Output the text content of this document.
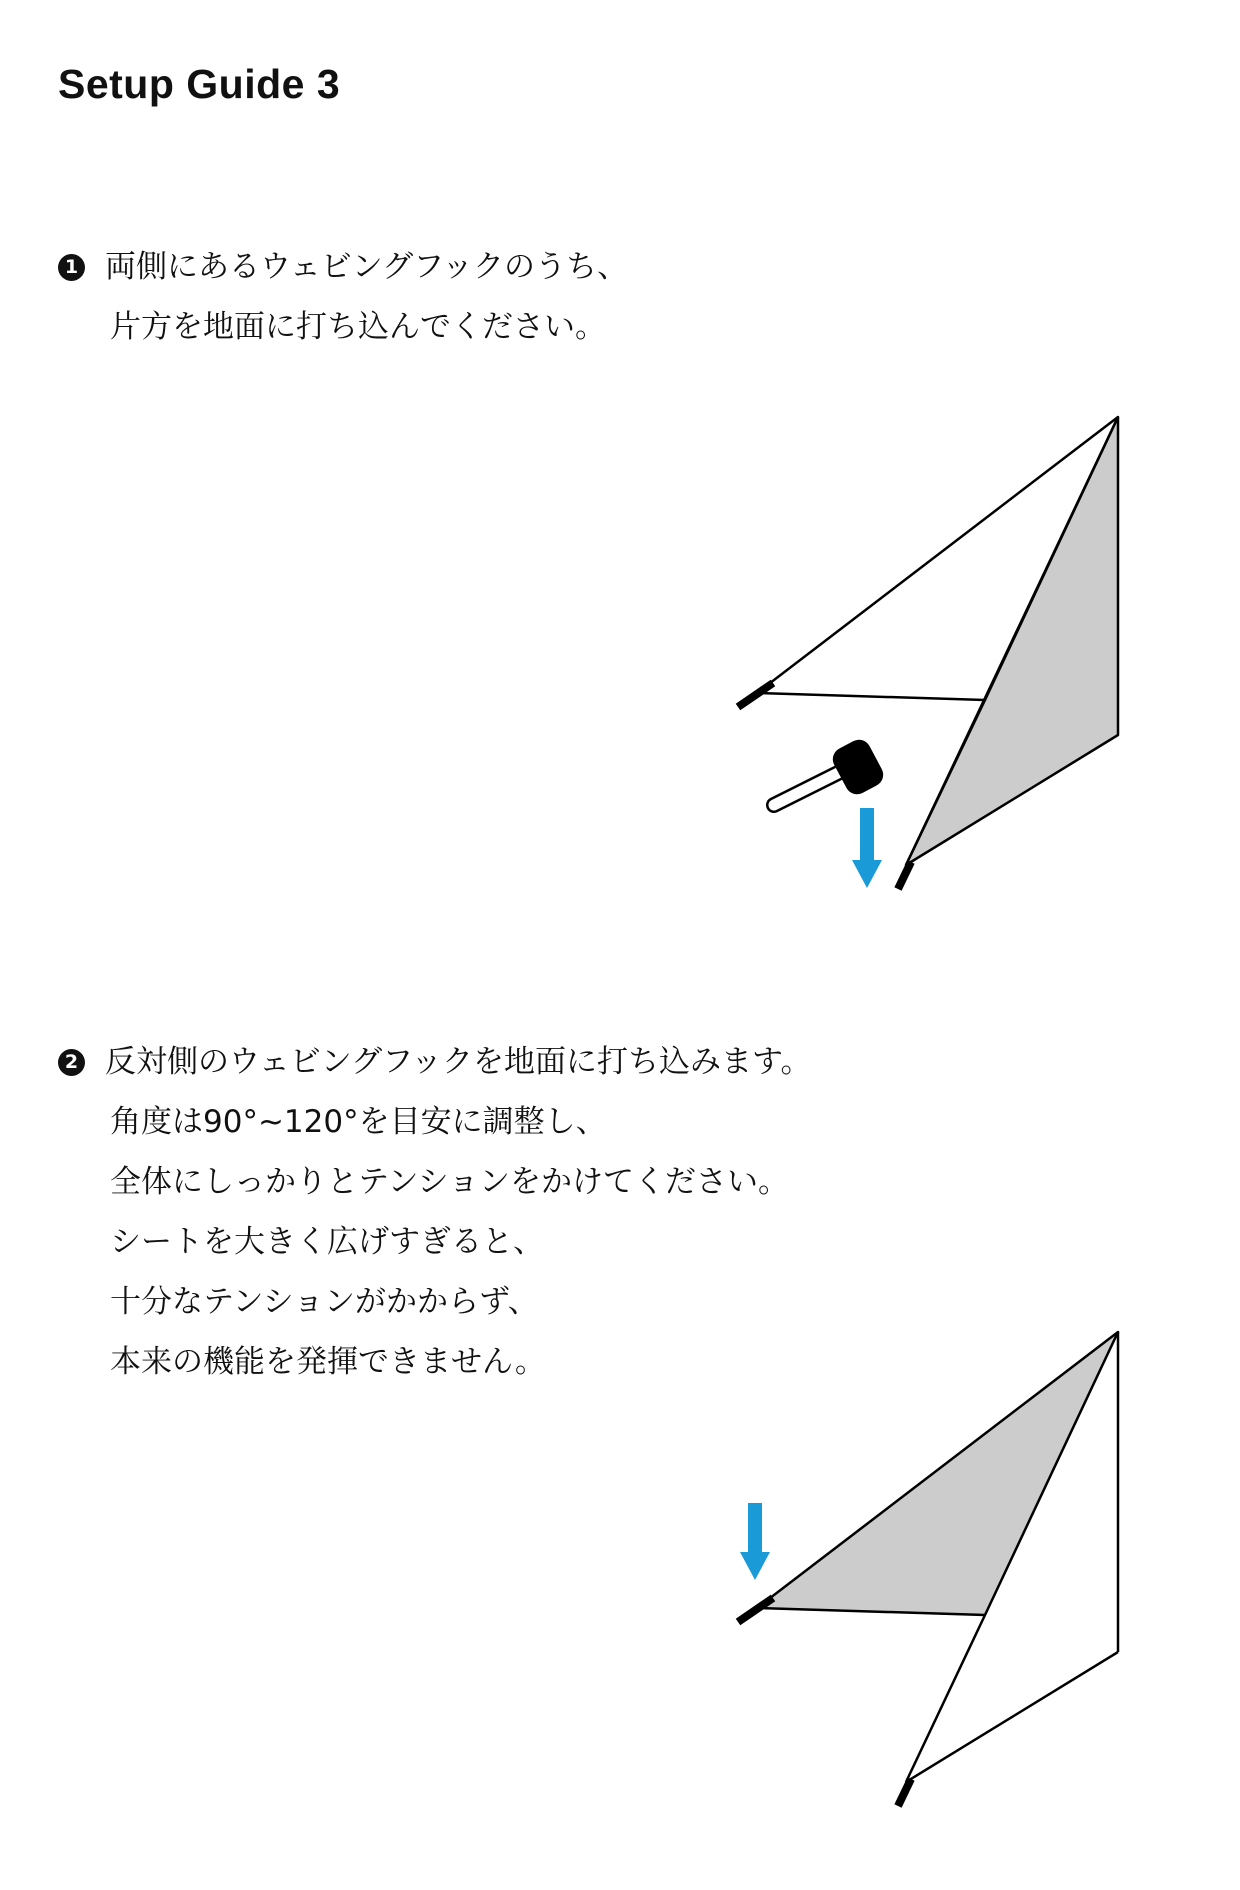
Setup Guide 3
1 両側にあるウェビングフックのうち、
片方を地面に打ち込んでください。
2 反対側のウェビングフックを地面に打ち込みます。
角度は90°~120°を目安に調整し、
全体にしっかりとテンションをかけてください。
シートを大きく広げすぎると、
十分なテンションがかからず、
本来の機能を発揮できません。
